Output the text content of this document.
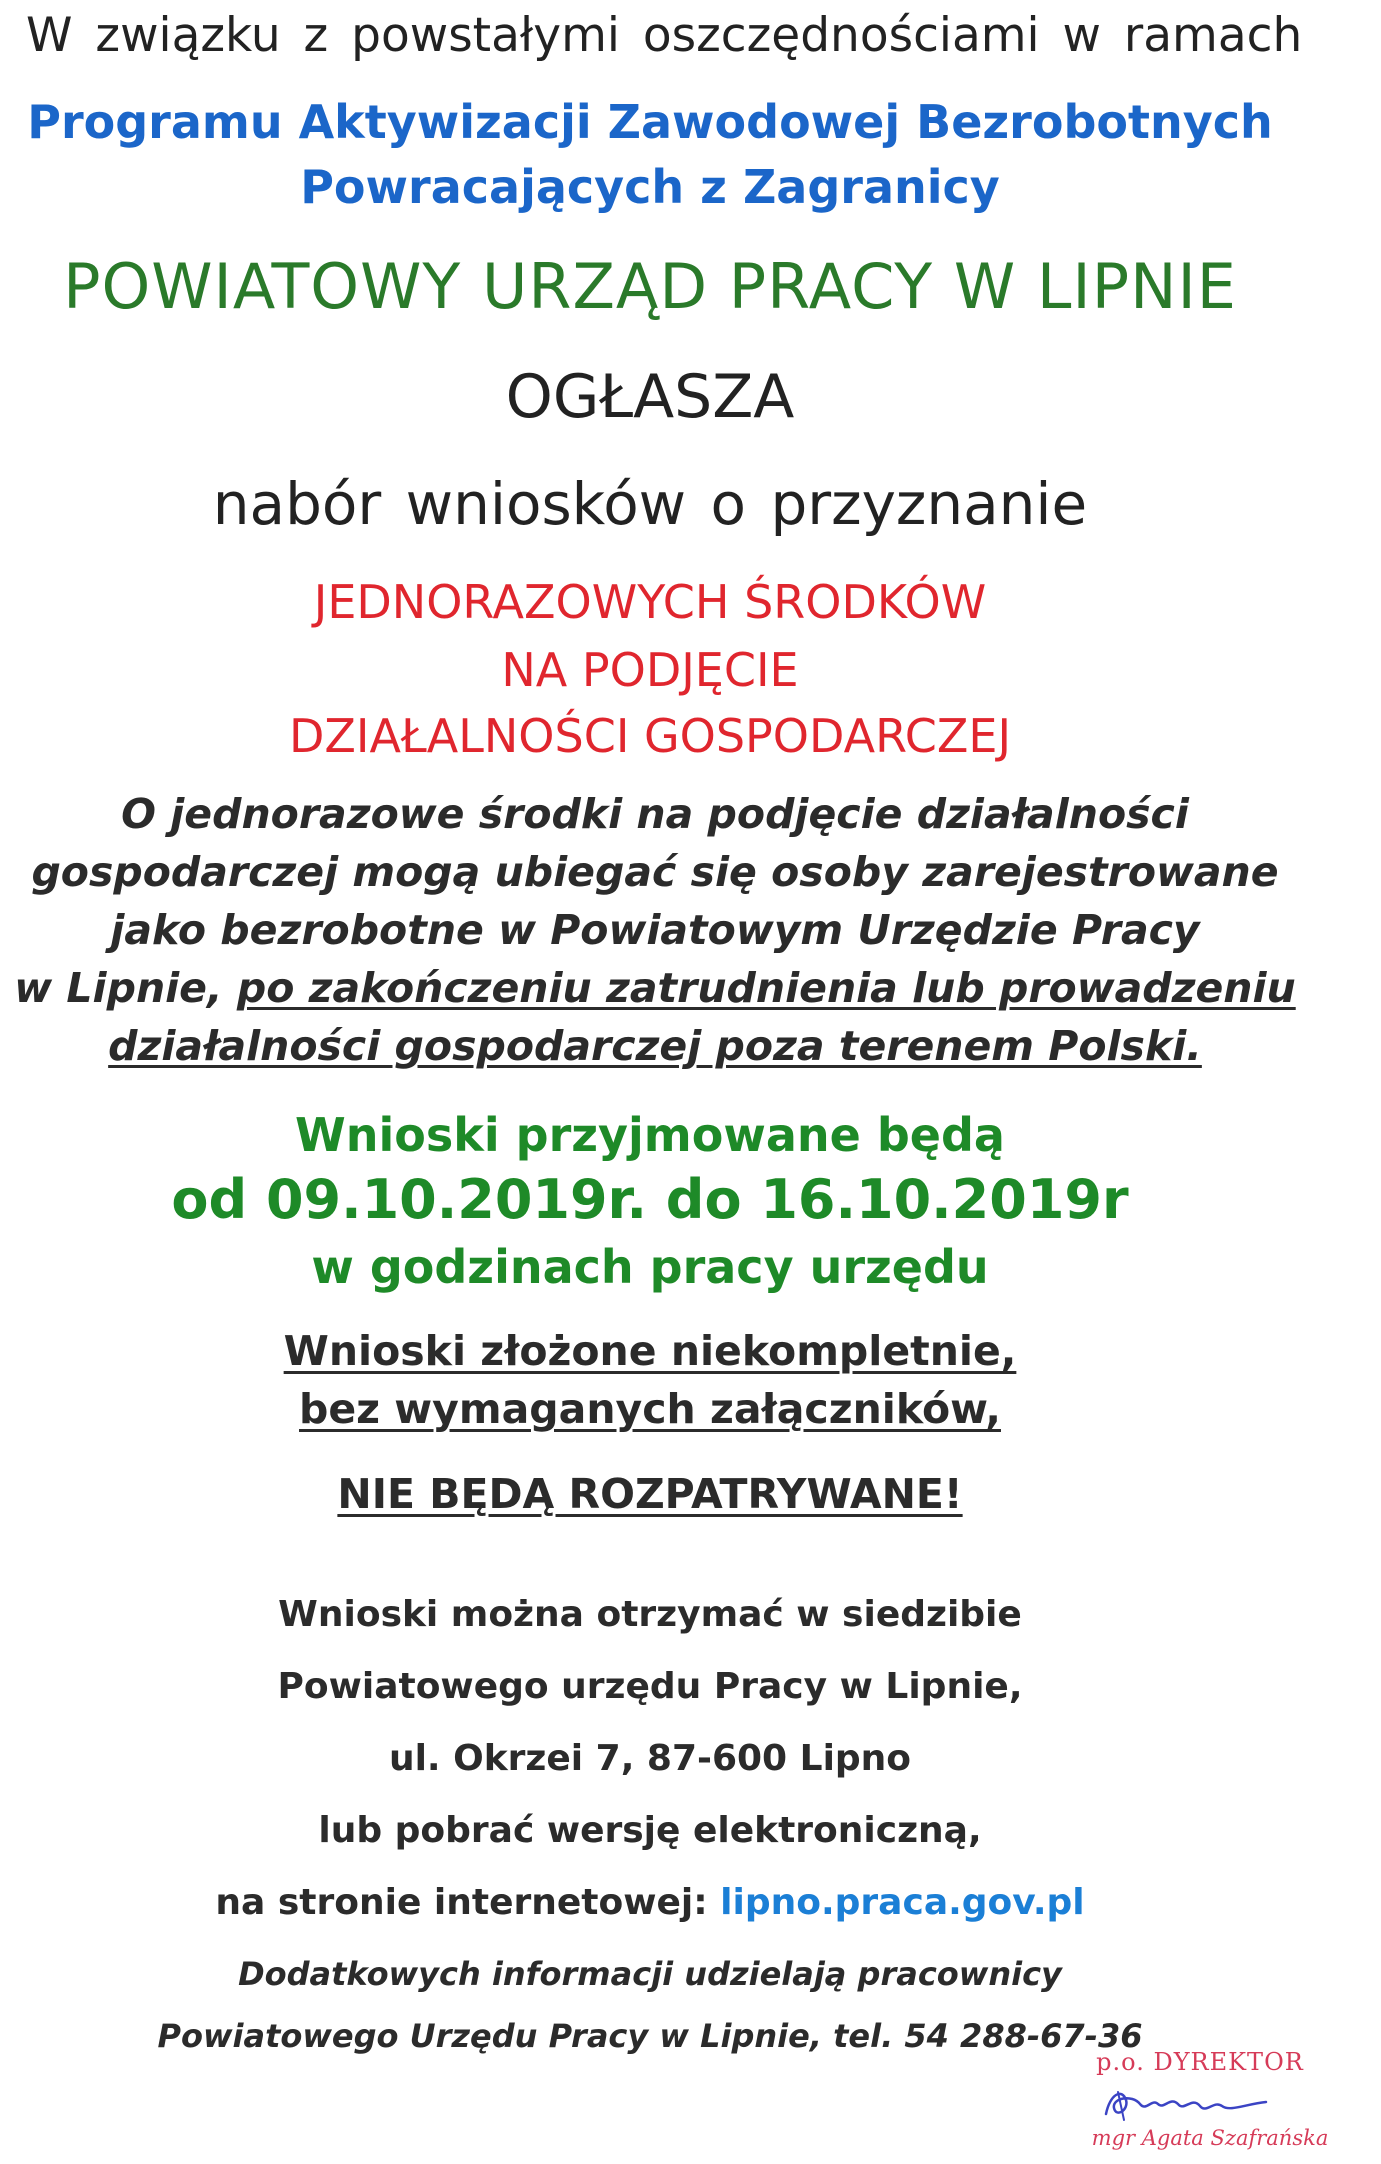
W związku z powstałymi oszczędnościami w ramach
Programu Aktywizacji Zawodowej Bezrobotnych
Powracających z Zagranicy
POWIATOWY URZĄD PRACY W LIPNIE
OGŁASZA
nabór wniosków o przyznanie
JEDNORAZOWYCH ŚRODKÓW
NA PODJĘCIE
DZIAŁALNOŚCI GOSPODARCZEJ
O jednorazowe środki na podjęcie działalności
gospodarczej mogą ubiegać się osoby zarejestrowane
jako bezrobotne w Powiatowym Urzędzie Pracy
w Lipnie, po zakończeniu zatrudnienia lub prowadzeniu
działalności gospodarczej poza terenem Polski.
Wnioski przyjmowane będą
od 09.10.2019r. do 16.10.2019r
w godzinach pracy urzędu
Wnioski złożone niekompletnie,
bez wymaganych załączników,
NIE BĘDĄ ROZPATRYWANE!
Wnioski można otrzymać w siedzibie
Powiatowego urzędu Pracy w Lipnie,
ul. Okrzei 7, 87-600 Lipno
lub pobrać wersję elektroniczną,
na stronie internetowej: lipno.praca.gov.pl
Dodatkowych informacji udzielają pracownicy
Powiatowego Urzędu Pracy w Lipnie, tel. 54 288-67-36
p.o. DYREKTOR
mgr Agata Szafrańska
